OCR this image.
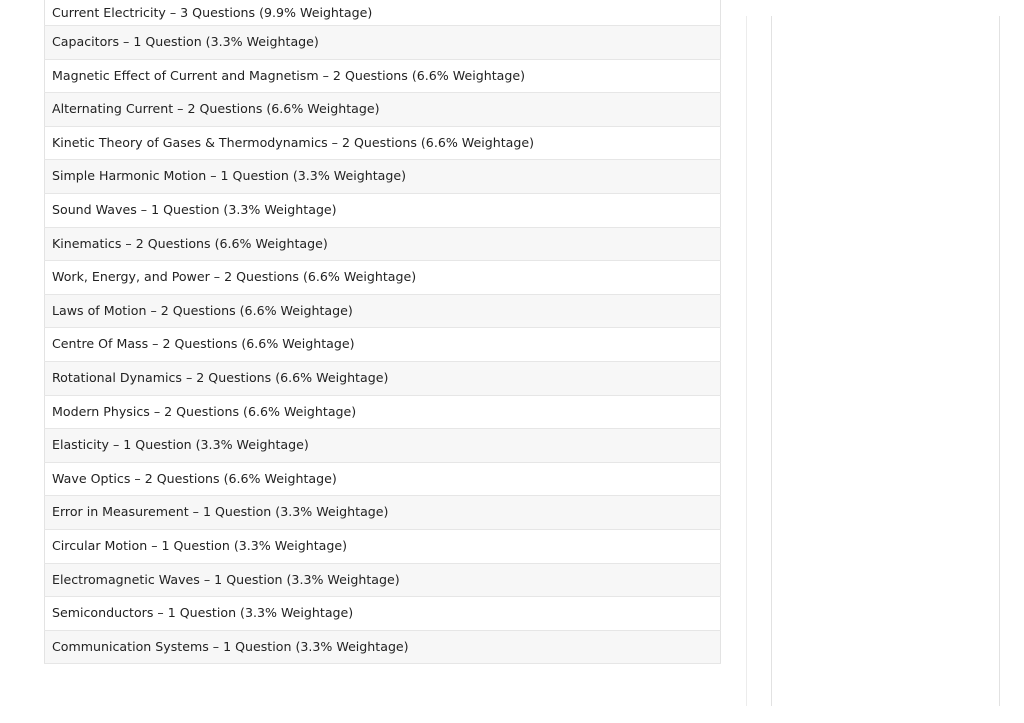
Current Electricity – 3 Questions (9.9% Weightage)
Capacitors – 1 Question (3.3% Weightage)
Magnetic Effect of Current and Magnetism – 2 Questions (6.6% Weightage)
Alternating Current – 2 Questions (6.6% Weightage)
Kinetic Theory of Gases & Thermodynamics – 2 Questions (6.6% Weightage)
Simple Harmonic Motion – 1 Question (3.3% Weightage)
Sound Waves – 1 Question (3.3% Weightage)
Kinematics – 2 Questions (6.6% Weightage)
Work, Energy, and Power – 2 Questions (6.6% Weightage)
Laws of Motion – 2 Questions (6.6% Weightage)
Centre Of Mass – 2 Questions (6.6% Weightage)
Rotational Dynamics – 2 Questions (6.6% Weightage)
Modern Physics – 2 Questions (6.6% Weightage)
Elasticity – 1 Question (3.3% Weightage)
Wave Optics – 2 Questions (6.6% Weightage)
Error in Measurement – 1 Question (3.3% Weightage)
Circular Motion – 1 Question (3.3% Weightage)
Electromagnetic Waves – 1 Question (3.3% Weightage)
Semiconductors – 1 Question (3.3% Weightage)
Communication Systems – 1 Question (3.3% Weightage)
